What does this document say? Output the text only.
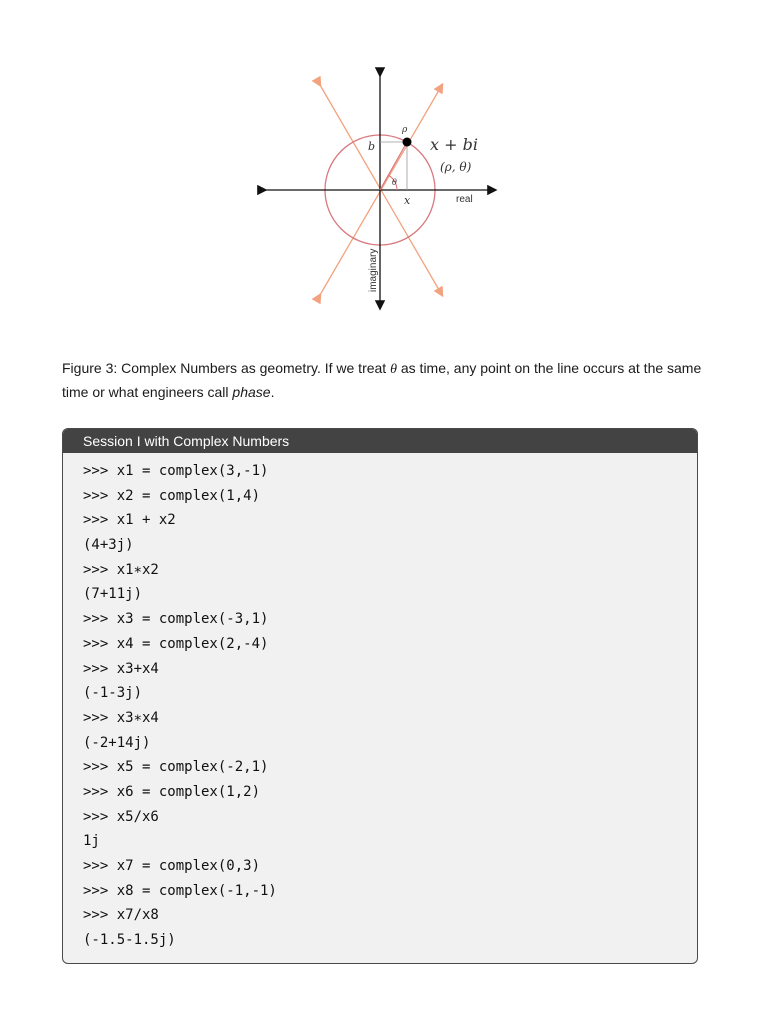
b
ρ
θ
x
x + bi
(ρ, θ)
real
imaginary
Figure 3: Complex Numbers as geometry. If we treat θ as time, any point on the line occurs at the same time or what engineers call phase.
Session I with Complex Numbers
>>> x1 = complex(3,-1)
>>> x2 = complex(1,4)
>>> x1 + x2
(4+3j)
>>> x1∗x2
(7+11j)
>>> x3 = complex(-3,1)
>>> x4 = complex(2,-4)
>>> x3+x4
(-1-3j)
>>> x3∗x4
(-2+14j)
>>> x5 = complex(-2,1)
>>> x6 = complex(1,2)
>>> x5/x6
1j
>>> x7 = complex(0,3)
>>> x8 = complex(-1,-1)
>>> x7/x8
(-1.5-1.5j)
